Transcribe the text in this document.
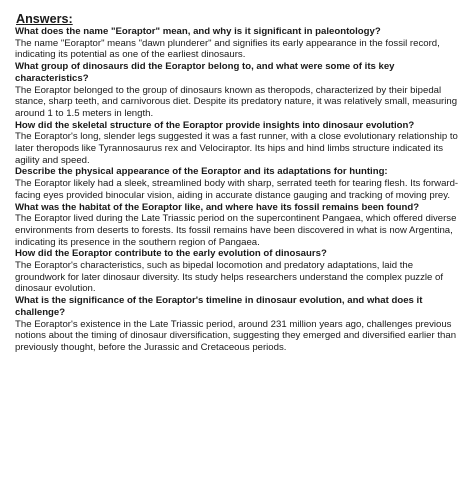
Answers:

What does the name "Eoraptor" mean, and why is it significant in paleontology?

The name "Eoraptor" means "dawn plunderer" and signifies its early appearance in the fossil record, indicating its potential as one of the earliest dinosaurs.

What group of dinosaurs did the Eoraptor belong to, and what were some of its key characteristics?

The Eoraptor belonged to the group of dinosaurs known as theropods, characterized by their bipedal stance, sharp teeth, and carnivorous diet. Despite its predatory nature, it was relatively small, measuring around 1 to 1.5 meters in length.

How did the skeletal structure of the Eoraptor provide insights into dinosaur evolution?

The Eoraptor's long, slender legs suggested it was a fast runner, with a close evolutionary relationship to later theropods like Tyrannosaurus rex and Velociraptor. Its hips and hind limbs structure indicated its agility and speed.

Describe the physical appearance of the Eoraptor and its adaptations for hunting:

The Eoraptor likely had a sleek, streamlined body with sharp, serrated teeth for tearing flesh. Its forward-facing eyes provided binocular vision, aiding in accurate distance gauging and tracking of moving prey.

What was the habitat of the Eoraptor like, and where have its fossil remains been found?

The Eoraptor lived during the Late Triassic period on the supercontinent Pangaea, which offered diverse environments from deserts to forests. Its fossil remains have been discovered in what is now Argentina, indicating its presence in the southern region of Pangaea.

How did the Eoraptor contribute to the early evolution of dinosaurs?

The Eoraptor's characteristics, such as bipedal locomotion and predatory adaptations, laid the groundwork for later dinosaur diversity. Its study helps researchers understand the complex puzzle of dinosaur evolution.

What is the significance of the Eoraptor's timeline in dinosaur evolution, and what does it challenge?

The Eoraptor's existence in the Late Triassic period, around 231 million years ago, challenges previous notions about the timing of dinosaur diversification, suggesting they emerged and diversified earlier than previously thought, before the Jurassic and Cretaceous periods.
